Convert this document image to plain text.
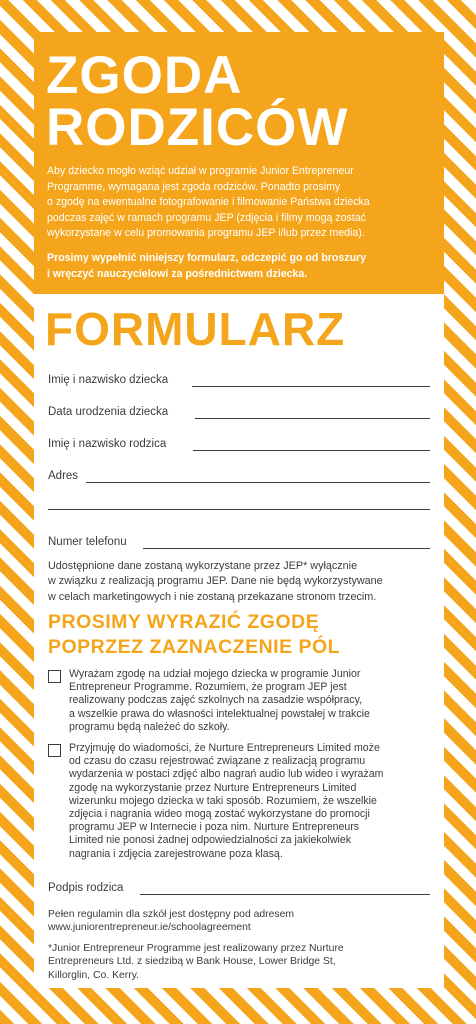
ZGODA
RODZICÓW

Aby dziecko mogło wziąć udział w programie Junior Entrepreneur
Programme, wymagana jest zgoda rodziców. Ponadto prosimy
o zgodę na ewentualne fotografowanie i filmowanie Państwa dziecka
podczas zajęć w ramach programu JEP (zdjęcia i filmy mogą zostać
wykorzystane w celu promowania programu JEP i/lub przez media).

Prosimy wypełnić niniejszy formularz, odczepić go od broszury
i wręczyć nauczycielowi za pośrednictwem dziecka.

FORMULARZ
Imię i nazwisko dziecka
Data urodzenia dziecka
Imię i nazwisko rodzica
Adres
Numer telefonu

Udostępnione dane zostaną wykorzystane przez JEP* wyłącznie
w związku z realizacją programu JEP. Dane nie będą wykorzystywane
w celach marketingowych i nie zostaną przekazane stronom trzecim.

PROSIMY WYRAZIĆ ZGODĘ
POPRZEZ ZAZNACZENIE PÓL

Wyrażam zgodę na udział mojego dziecka w programie Junior
Entrepreneur Programme. Rozumiem, że program JEP jest
realizowany podczas zajęć szkolnych na zasadzie współpracy,
a wszelkie prawa do własności intelektualnej powstałej w trakcie
programu będą należeć do szkoły.

Przyjmuję do wiadomości, że Nurture Entrepreneurs Limited może
od czasu do czasu rejestrować związane z realizacją programu
wydarzenia w postaci zdjęć albo nagrań audio lub wideo i wyrażam
zgodę na wykorzystanie przez Nurture Entrepreneurs Limited
wizerunku mojego dziecka w taki sposób. Rozumiem, że wszelkie
zdjęcia i nagrania wideo mogą zostać wykorzystane do promocji
programu JEP w Internecie i poza nim. Nurture Entrepreneurs
Limited nie ponosi żadnej odpowiedzialności za jakiekolwiek
nagrania i zdjęcia zarejestrowane poza klasą.

Podpis rodzica

Pełen regulamin dla szkół jest dostępny pod adresem
www.juniorentrepreneur.ie/schoolagreement

*Junior Entrepreneur Programme jest realizowany przez Nurture
Entrepreneurs Ltd. z siedzibą w Bank House, Lower Bridge St,
Killorglin, Co. Kerry.
